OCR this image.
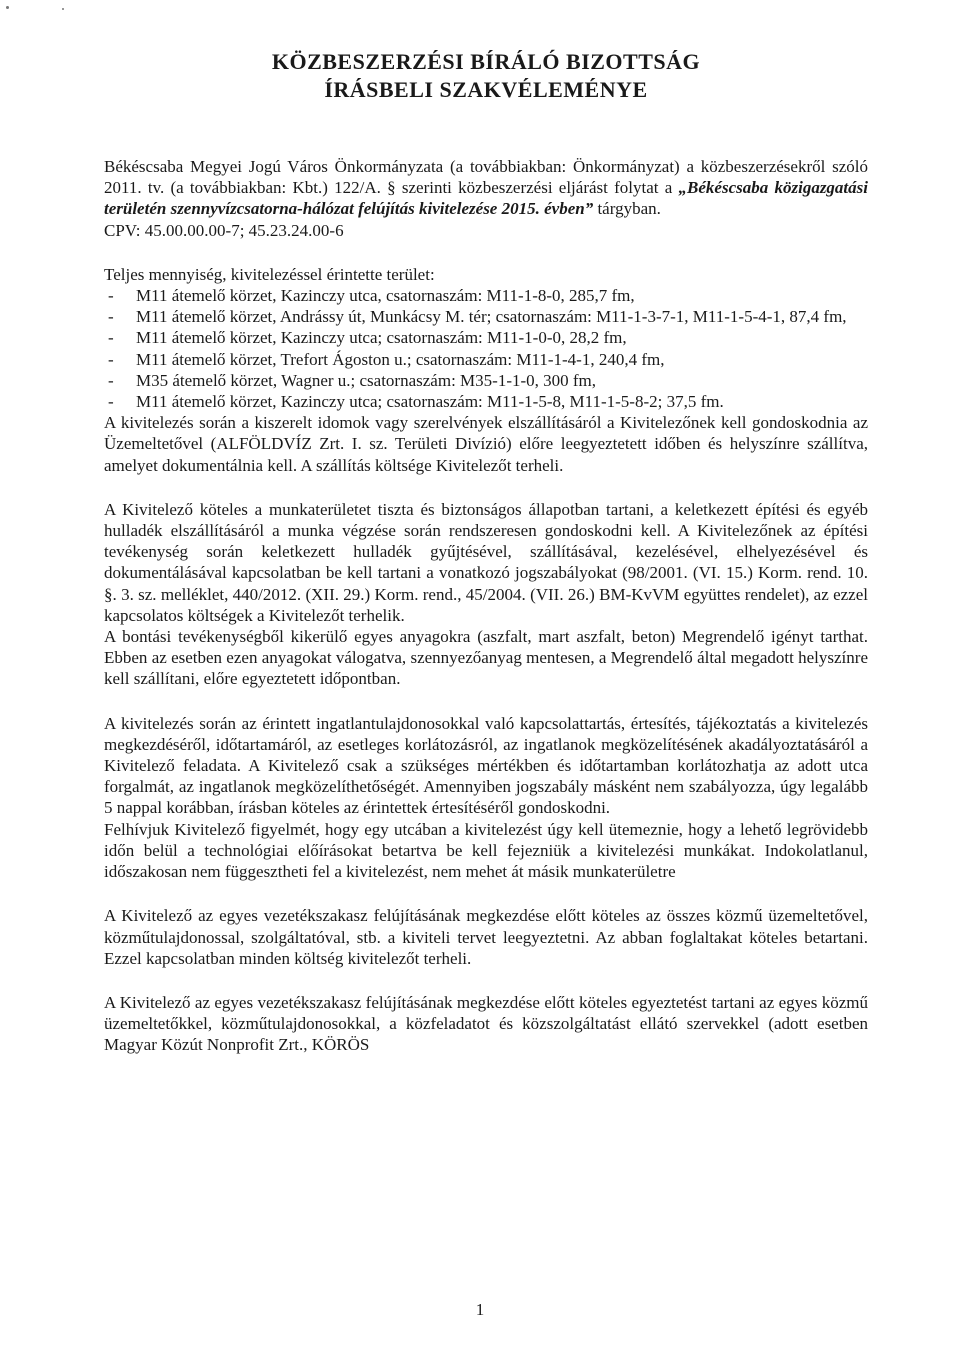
KÖZBESZERZÉSI BÍRÁLÓ BIZOTTSÁG

ÍRÁSBELI SZAKVÉLEMÉNYE

Békéscsaba Megyei Jogú Város Önkormányzata (a továbbiakban: Önkormányzat) a közbeszerzésekről szóló 2011. tv. (a továbbiakban: Kbt.) 122/A. § szerinti közbeszerzési eljárást folytat a „Békéscsaba közigazgatási területén szennyvízcsatorna-hálózat felújítás kivitelezése 2015. évben” tárgyban.

CPV: 45.00.00.00-7; 45.23.24.00-6

Teljes mennyiség, kivitelezéssel érintette terület:

- M11 átemelő körzet, Kazinczy utca, csatornaszám: M11-1-8-0, 285,7 fm,
- M11 átemelő körzet, Andrássy út, Munkácsy M. tér; csatornaszám: M11-1-3-7-1, M11-1-5-4-1, 87,4 fm,
- M11 átemelő körzet, Kazinczy utca; csatornaszám: M11-1-0-0, 28,2 fm,
- M11 átemelő körzet, Trefort Ágoston u.; csatornaszám: M11-1-4-1, 240,4 fm,
- M35 átemelő körzet, Wagner u.; csatornaszám: M35-1-1-0, 300 fm,
- M11 átemelő körzet, Kazinczy utca; csatornaszám: M11-1-5-8, M11-1-5-8-2; 37,5 fm.

A kivitelezés során a kiszerelt idomok vagy szerelvények elszállításáról a Kivitelezőnek kell gondoskodnia az Üzemeltetővel (ALFÖLDVÍZ Zrt. I. sz. Területi Divízió) előre leegyeztetett időben és helyszínre szállítva, amelyet dokumentálnia kell. A szállítás költsége Kivitelezőt terheli.

A Kivitelező köteles a munkaterületet tiszta és biztonságos állapotban tartani, a keletkezett építési és egyéb hulladék elszállításáról a munka végzése során rendszeresen gondoskodni kell. A Kivitelezőnek az építési tevékenység során keletkezett hulladék gyűjtésével, szállításával, kezelésével, elhelyezésével és dokumentálásával kapcsolatban be kell tartani a vonatkozó jogszabályokat (98/2001. (VI. 15.) Korm. rend. 10. §. 3. sz. melléklet, 440/2012. (XII. 29.) Korm. rend., 45/2004. (VII. 26.) BM-KvVM együttes rendelet), az ezzel kapcsolatos költségek a Kivitelezőt terhelik.

A bontási tevékenységből kikerülő egyes anyagokra (aszfalt, mart aszfalt, beton) Megrendelő igényt tarthat. Ebben az esetben ezen anyagokat válogatva, szennyezőanyag mentesen, a Megrendelő által megadott helyszínre kell szállítani, előre egyeztetett időpontban.

A kivitelezés során az érintett ingatlantulajdonosokkal való kapcsolattartás, értesítés, tájékoztatás a kivitelezés megkezdéséről, időtartamáról, az esetleges korlátozásról, az ingatlanok megközelítésének akadályoztatásáról a Kivitelező feladata. A Kivitelező csak a szükséges mértékben és időtartamban korlátozhatja az adott utca forgalmát, az ingatlanok megközelíthetőségét. Amennyiben jogszabály másként nem szabályozza, úgy legalább 5 nappal korábban, írásban köteles az érintettek értesítéséről gondoskodni.

Felhívjuk Kivitelező figyelmét, hogy egy utcában a kivitelezést úgy kell ütemeznie, hogy a lehető legrövidebb időn belül a technológiai előírásokat betartva be kell fejezniük a kivitelezési munkákat. Indokolatlanul, időszakosan nem függesztheti fel a kivitelezést, nem mehet át másik munkaterületre

A Kivitelező az egyes vezetékszakasz felújításának megkezdése előtt köteles az összes közmű üzemeltetővel, közműtulajdonossal, szolgáltatóval, stb. a kiviteli tervet leegyeztetni. Az abban foglaltakat köteles betartani. Ezzel kapcsolatban minden költség kivitelezőt terheli.

A Kivitelező az egyes vezetékszakasz felújításának megkezdése előtt köteles egyeztetést tartani az egyes közmű üzemeltetőkkel, közműtulajdonosokkal, a közfeladatot és közszolgáltatást ellátó szervekkel (adott esetben Magyar Közút Nonprofit Zrt., KÖRÖS

1
